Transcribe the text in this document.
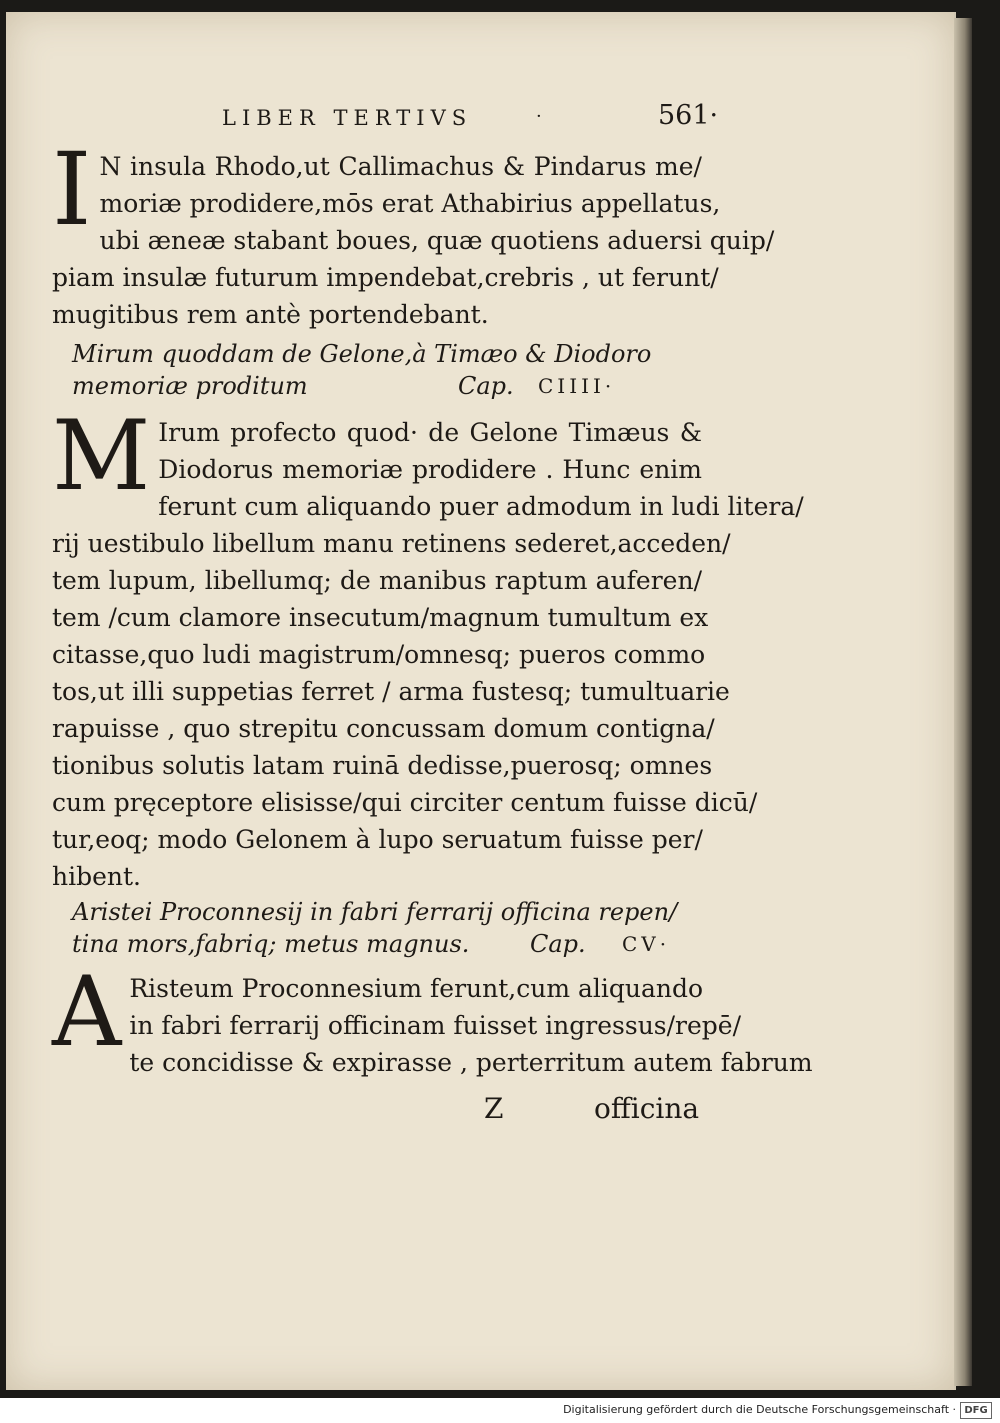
LIBER TERTIVS	·	561·
I N insula Rhodo,ut Callimachus & Pindarus me/
moriæ prodidere,mōs erat Athabirius appellatus,
ubi æneæ stabant boues, quæ quotiens aduersi quip/
piam insulæ futurum impendebat,crebris , ut ferunt/
mugitibus rem antè portendebant.
Mirum quoddam de Gelone,à Timæo & Diodoro
memoriæ proditum	Cap. CIIII·
M Irum profecto quod· de Gelone Timæus &
Diodorus memoriæ prodidere . Hunc enim
ferunt cum aliquando puer admodum in ludi litera/
rij uestibulo libellum manu retinens sederet,acceden/
tem lupum, libellumq; de manibus raptum auferen/
tem /cum clamore insecutum/magnum tumultum ex
citasse,quo ludi magistrum/omnesq; pueros commo
tos,ut illi suppetias ferret / arma fustesq; tumultuarie
rapuisse , quo strepitu concussam domum contigna/
tionibus solutis latam ruinā dedisse,puerosq; omnes
cum pręceptore elisisse/qui circiter centum fuisse dicū/
tur,eoq; modo Gelonem à lupo seruatum fuisse per/
hibent.
Aristei Proconnesij in fabri ferrarij officina repen/
tina mors,fabriq; metus magnus.	Cap. CV·
A Risteum Proconnesium ferunt,cum aliquando
in fabri ferrarij officinam fuisset ingressus/repē/
te concidisse & expirasse , perterritum autem fabrum
Z	officina
Digitalisierung gefördert durch die Deutsche Forschungsgemeinschaft · DFG
